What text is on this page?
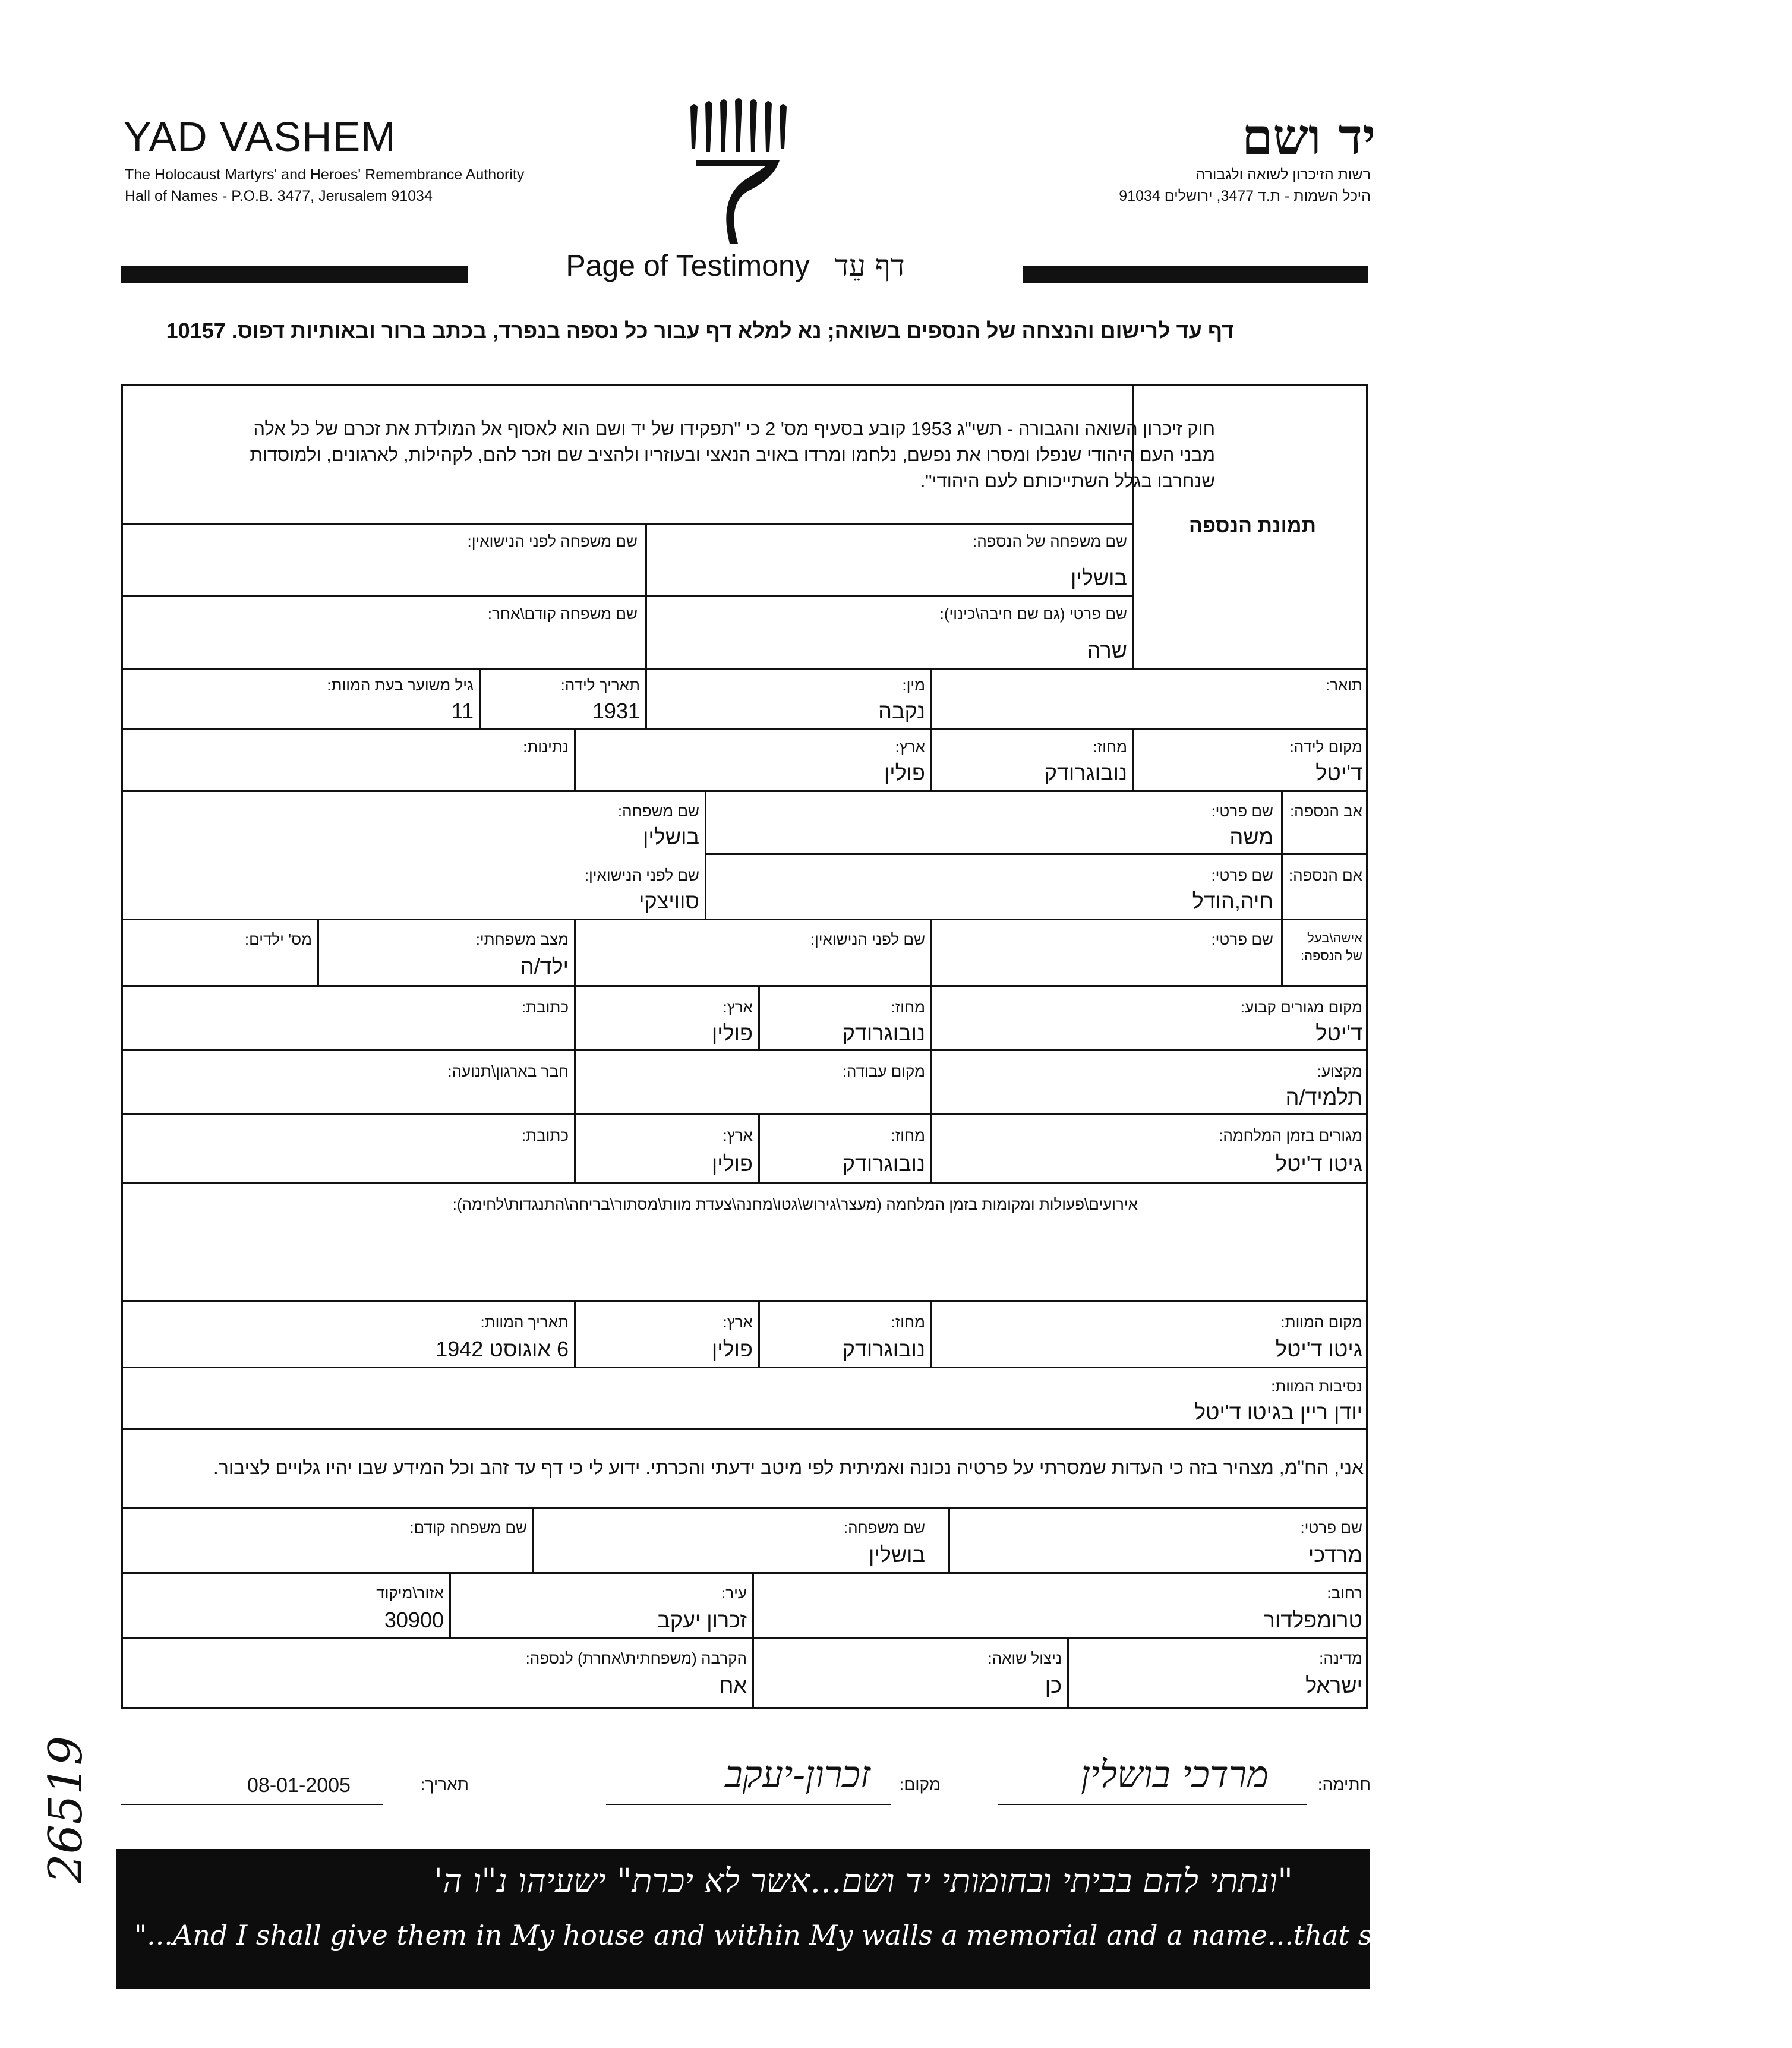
YAD VASHEM
The Holocaust Martyrs' and Heroes' Remembrance Authority
Hall of Names - P.O.B. 3477, Jerusalem 91034
יד ושם
רשות הזיכרון לשואה ולגבורה
היכל השמות - ת.ד 3477, ירושלים 91034
Page of Testimony דף עֵד
דף עד לרישום והנצחה של הנספים בשואה; נא למלא דף עבור כל נספה בנפרד, בכתב ברור ובאותיות דפוס. 10157
תמונת הנספה
חוק זיכרון השואה והגבורה - תשי"ג 1953 קובע בסעיף מס' 2 כי "תפקידו של יד ושם הוא לאסוף אל המולדת את זכרם של כל אלה מבני העם היהודי שנפלו ומסרו את נפשם, נלחמו ומרדו באויב הנאצי ובעוזריו ולהציב שם וזכר להם, לקהילות, לארגונים, ולמוסדות שנחרבו בגלל השתייכותם לעם היהודי".
שם משפחה של הנספה:
בושלין
שם משפחה לפני הנישואין:
שם פרטי (גם שם חיבה\כינוי):
שרה
שם משפחה קודם\אחר:
תואר:
מין:
נקבה
תאריך לידה:
1931
גיל משוער בעת המוות:
11
מקום לידה:
ד'יטל
מחוז:
נובוגרודק
ארץ:
פולין
נתינות:
אב הנספה:
שם פרטי:
משה
שם משפחה:
בושלין
אם הנספה:
שם פרטי:
חיה,הודל
שם לפני הנישואין:
סוויצקי
אישה\בעל
של הנספה:
שם פרטי:
שם לפני הנישואין:
מצב משפחתי:
ילד/ה
מס' ילדים:
מקום מגורים קבוע:
ד'יטל
מחוז:
נובוגרודק
ארץ:
פולין
כתובת:
מקצוע:
תלמיד/ה
מקום עבודה:
חבר בארגון\תנועה:
מגורים בזמן המלחמה:
גיטו ד'יטל
מחוז:
נובוגרודק
ארץ:
פולין
כתובת:
אירועים\פעולות ומקומות בזמן המלחמה (מעצר\גירוש\גטו\מחנה\צעדת מוות\מסתור\בריחה\התנגדות\לחימה):
מקום המוות:
גיטו ד'יטל
מחוז:
נובוגרודק
ארץ:
פולין
תאריך המוות:
6 אוגוסט 1942
נסיבות המוות:
יודן ריין בגיטו ד'יטל
אני, הח"מ, מצהיר בזה כי העדות שמסרתי על פרטיה נכונה ואמיתית לפי מיטב ידעתי והכרתי. ידוע לי כי דף עד זהב וכל המידע שבו יהיו גלויים לציבור.
שם פרטי:
מרדכי
שם משפחה:
בושלין
שם משפחה קודם:
רחוב:
טרומפלדור
עיר:
זכרון יעקב
אזור\מיקוד
30900
מדינה:
ישראל
ניצול שואה:
כן
הקרבה (משפחתית\אחרת) לנספה:
אח
חתימה:
מרדכי בושלין
מקום:
זכרון-יעקב
תאריך:
08-01-2005
"ונתתי להם בביתי ובחומותי יד ושם...אשר לא יכרת" ישעיהו נ"ו ה'
"...And I shall give them in My house and within My walls a memorial and a name...that shall not be cut off" Isaiah 56:5
26519
